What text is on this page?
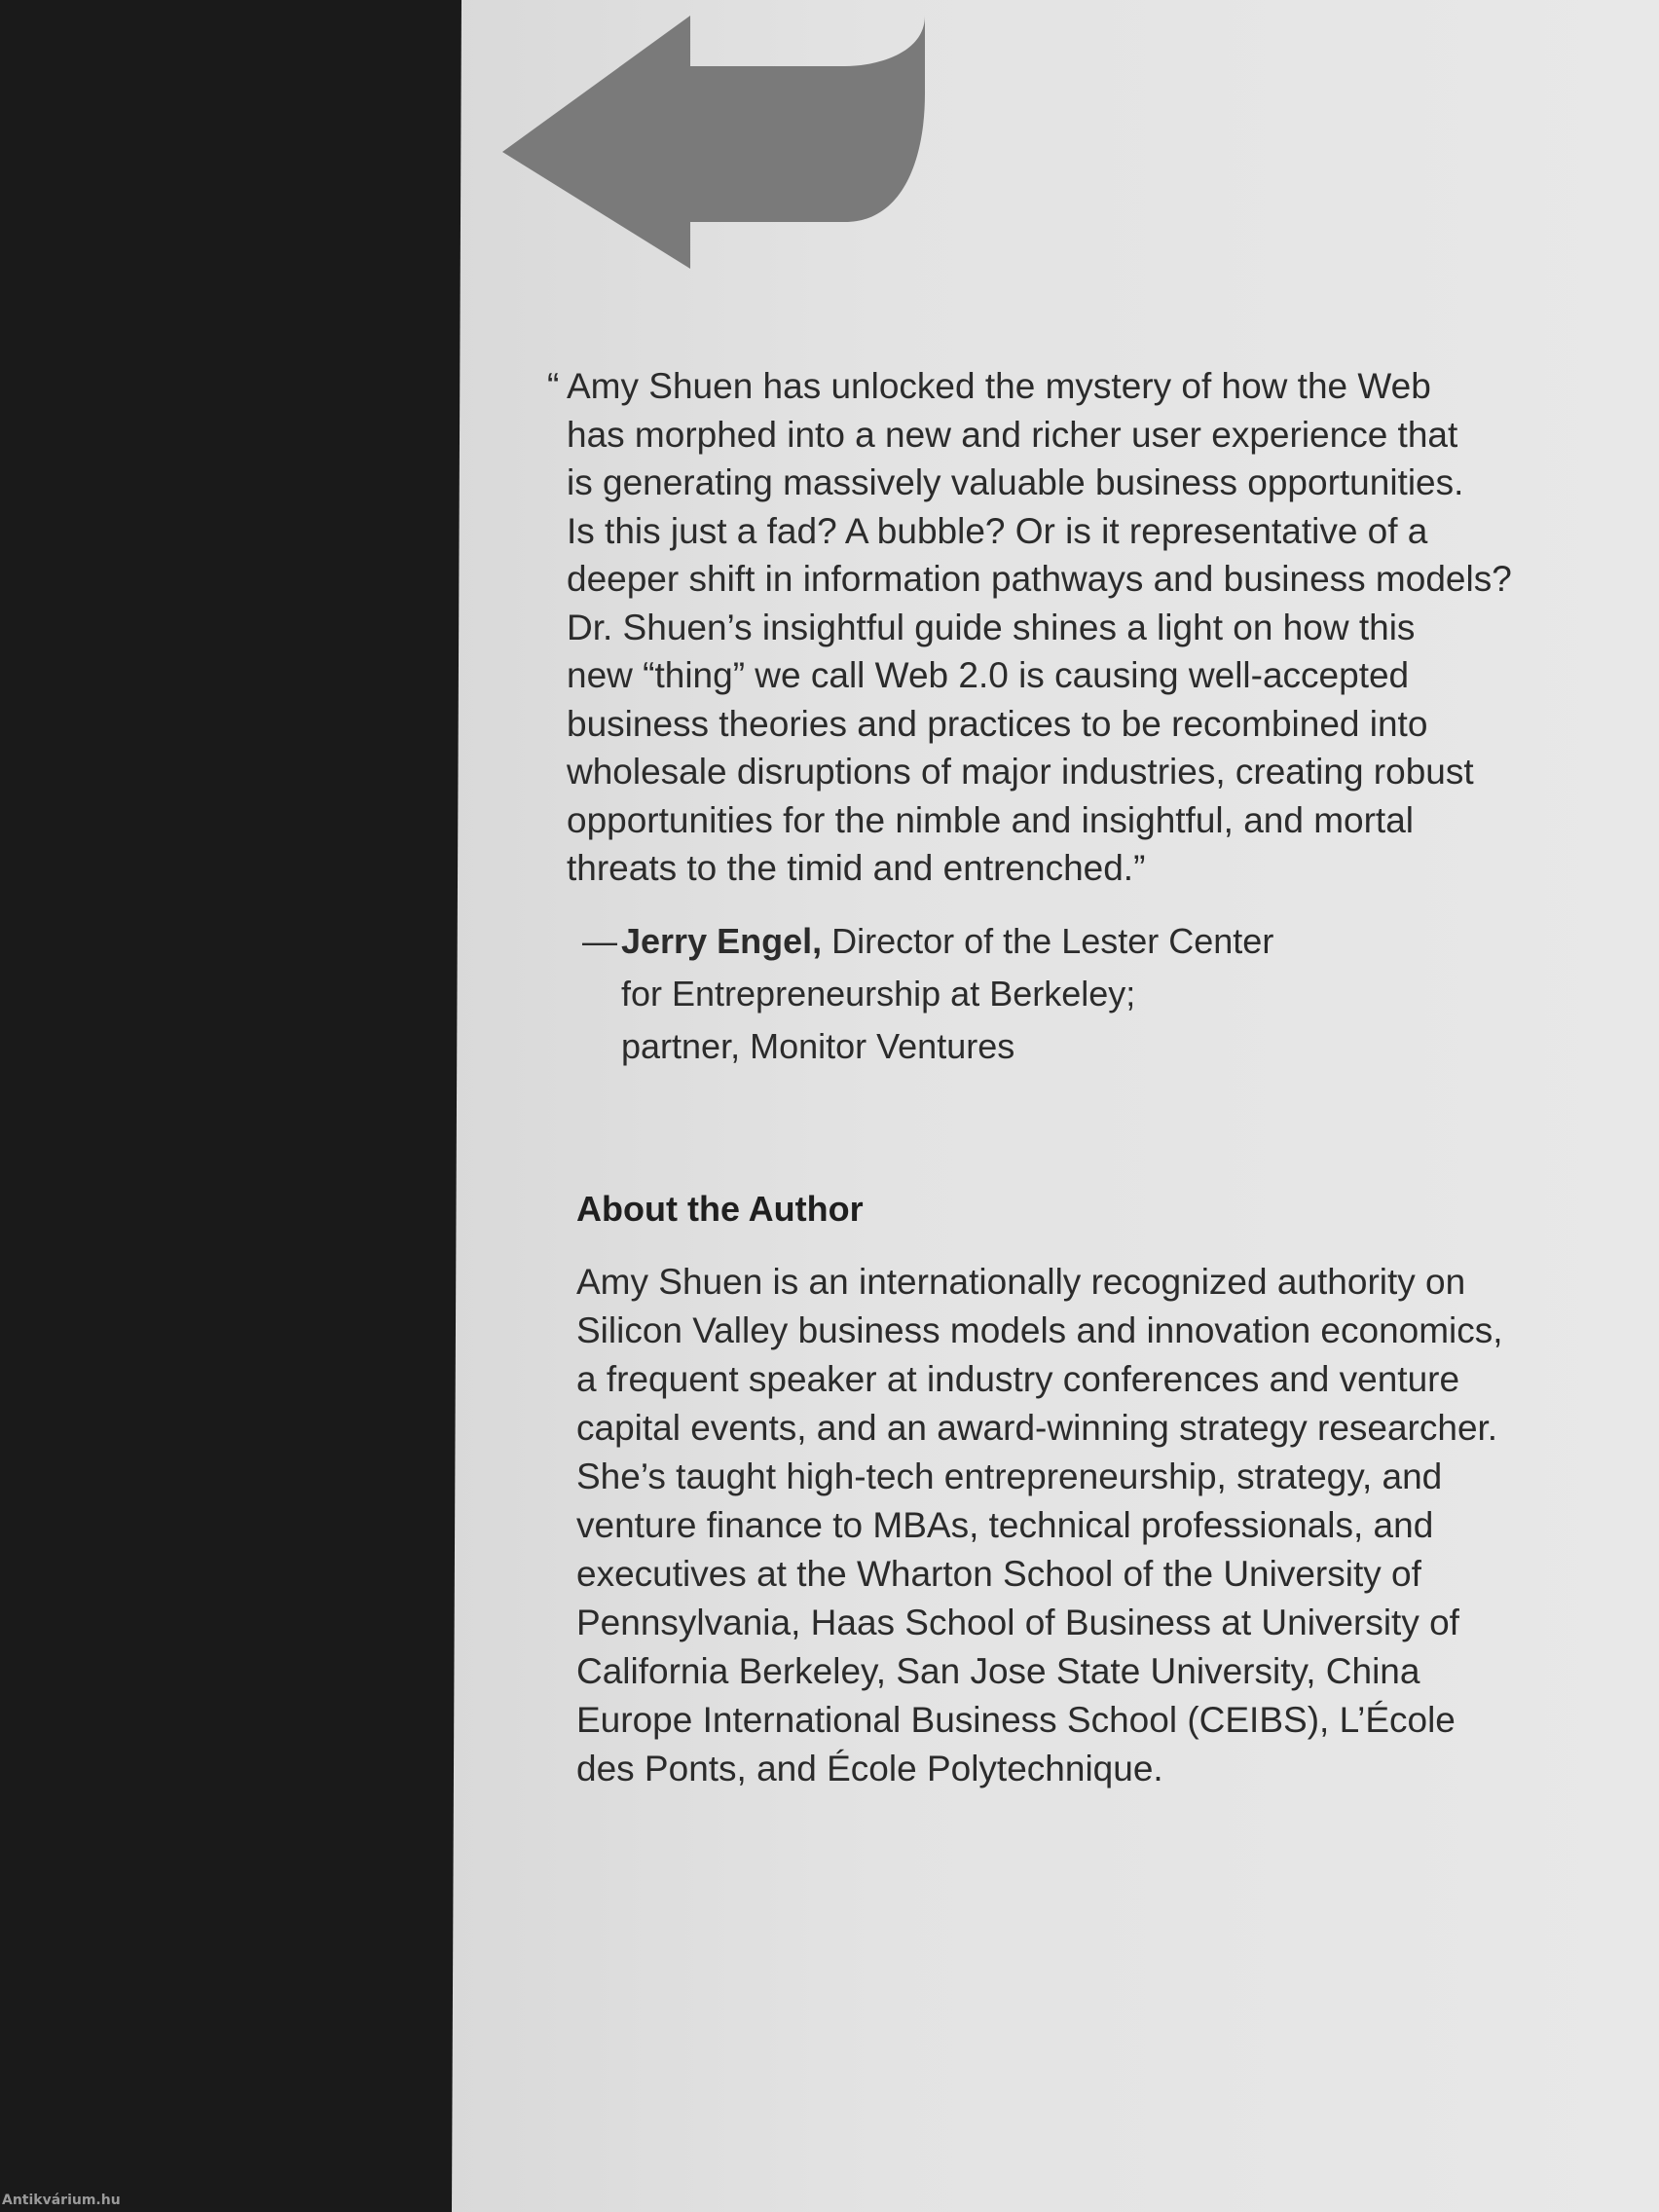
“ Amy Shuen has unlocked the mystery of how the Web
has morphed into a new and richer user experience that
is generating massively valuable business opportunities.
Is this just a fad? A bubble? Or is it representative of a
deeper shift in information pathways and business models?
Dr. Shuen’s insightful guide shines a light on how this
new “thing” we call Web 2.0 is causing well-accepted
business theories and practices to be recombined into
wholesale disruptions of major industries, creating robust
opportunities for the nimble and insightful, and mortal
threats to the timid and entrenched.”
— Jerry Engel, Director of the Lester Center
for Entrepreneurship at Berkeley;
partner, Monitor Ventures
About the Author
Amy Shuen is an internationally recognized authority on
Silicon Valley business models and innovation economics,
a frequent speaker at industry conferences and venture
capital events, and an award-winning strategy researcher.
She’s taught high-tech entrepreneurship, strategy, and
venture finance to MBAs, technical professionals, and
executives at the Wharton School of the University of
Pennsylvania, Haas School of Business at University of
California Berkeley, San Jose State University, China
Europe International Business School (CEIBS), L’École
des Ponts, and École Polytechnique.
Antikvárium.hu
